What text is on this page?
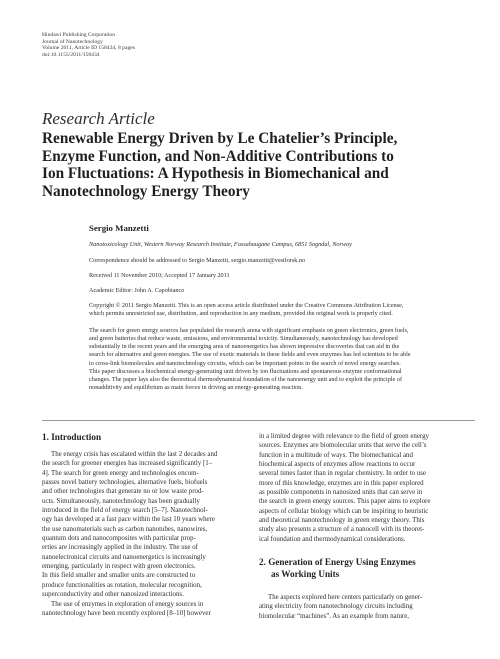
Hindawi Publishing Corporation
Journal of Nanotechnology
Volume 2011, Article ID 158434, 8 pages
doi:10.1155/2011/158434
Research Article
Renewable Energy Driven by Le Chatelier’s Principle,
Enzyme Function, and Non-Additive Contributions to
Ion Fluctuations: A Hypothesis in Biomechanical and
Nanotechnology Energy Theory
Sergio Manzetti
Nanotoxicology Unit, Western Norway Research Institute, Fossahaugane Campus, 6851 Sogndal, Norway
Correspondence should be addressed to Sergio Manzetti, sergio.manzetti@vestforsk.no
Received 11 November 2010; Accepted 17 January 2011
Academic Editor: John A. Capobianco
Copyright © 2011 Sergio Manzetti. This is an open access article distributed under the Creative Commons Attribution License,
which permits unrestricted use, distribution, and reproduction in any medium, provided the original work is properly cited.
The search for green energy sources has populated the research arena with significant emphasis on green electronics, green fuels,
and green batteries that reduce waste, emissions, and environmental toxicity. Simultaneously, nanotechnology has developed
substantially in the recent years and the emerging area of nanoenergetics has shown impressive discoveries that can aid in the
search for alternative and green energies. The use of exotic materials in these fields and even enzymes has led scientists to be able
to cross-link biomolecules and nanotechnology circuits, which can be important points in the search of novel energy searches.
This paper discusses a biochemical energy-generating unit driven by ion fluctuations and spontaneous enzyme conformational
changes. The paper lays also the theoretical thermodynamical foundation of the nanoenergy unit and to exploit the principle of
nonadditivity and equilibrium as main forces in driving an energy-generating reaction.
1. Introduction
The energy crisis has escalated within the last 2 decades and
the search for greener energies has increased significantly [1–
4]. The search for green energy and technologies encom-
passes novel battery technologies, alternative fuels, biofuels
and other technologies that generate no or low waste prod-
ucts. Simultaneously, nanotechnology has been gradually
introduced in the field of energy search [5–7]. Nanotechnol-
ogy has developed at a fast pace within the last 10 years where
the use nanomaterials such as carbon nanotubes, nanowires,
quantum dots and nanocomposites with particular prop-
erties are increasingly applied in the industry. The use of
nanoelectronical circuits and nanoenergetics is increasingly
emerging, particularly in respect with green electronics.
In this field smaller and smaller units are constructed to
produce functionalities as rotation, molecular recognition,
superconductivity and other nanosized interactions.
The use of enzymes in exploration of energy sources in
nanotechnology have been recently explored [8–10] however
in a limited degree with relevance to the field of green energy
sources. Enzymes are biomolecular units that serve the cell’s
function in a multitude of ways. The biomechanical and
biochemical aspects of enzymes allow reactions to occur
several times faster than in regular chemistry. In order to use
more of this knowledge, enzymes are in this paper explored
as possible components in nanosized units that can serve in
the search in green energy sources. This paper aims to explore
aspects of cellular biology which can be inspiring to heuristic
and theoretical nanotechnology in green energy theory. This
study also presents a structure of a nanocell with its theoret-
ical foundation and thermodynamical considerations.
2. Generation of Energy Using Enzymes
as Working Units
The aspects explored here centers particularly on gener-
ating electricity from nanotechnology circuits including
biomolecular “machines”. As an example from nature,
